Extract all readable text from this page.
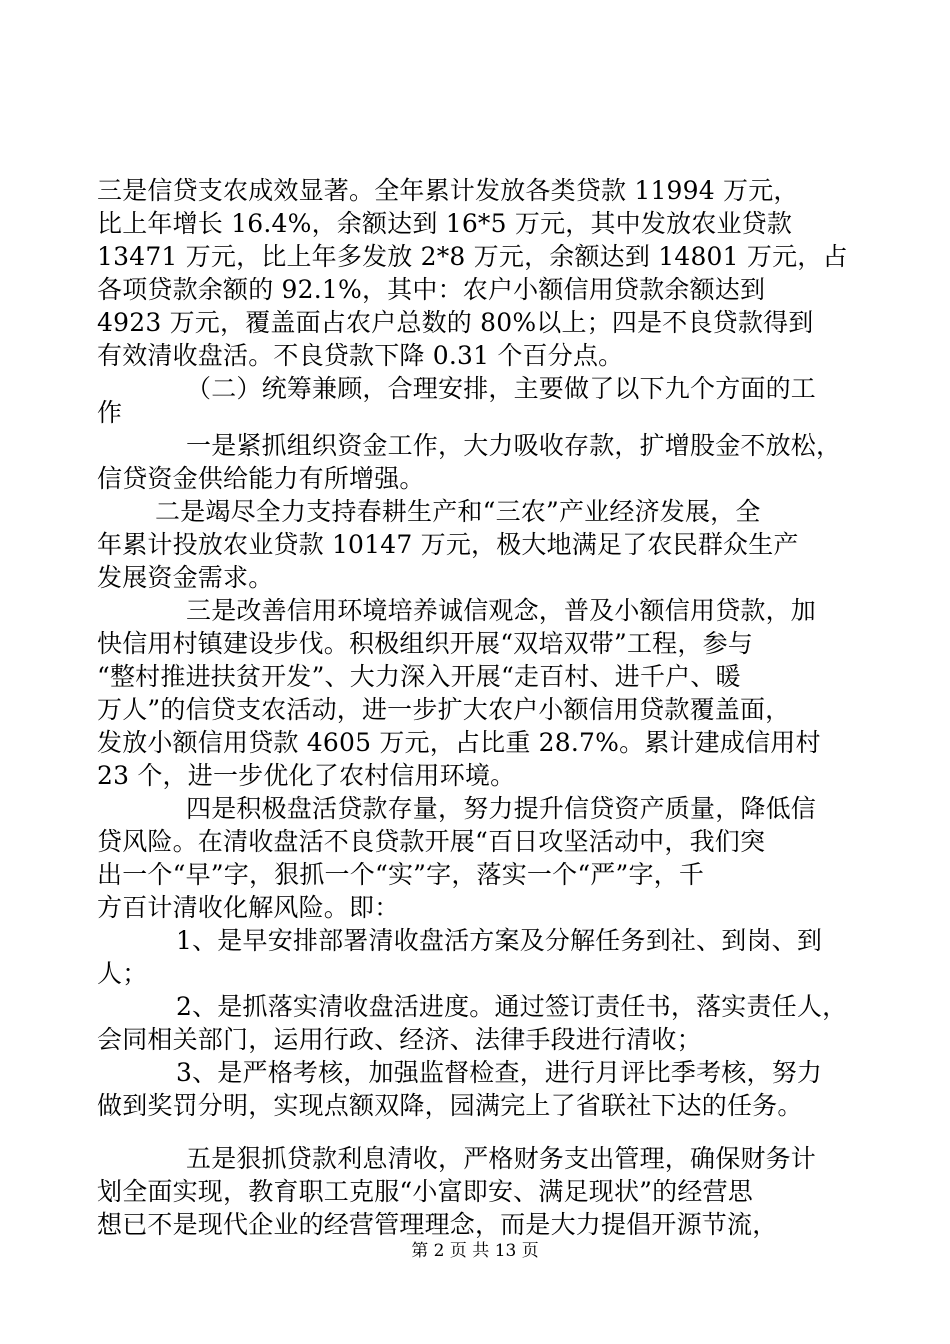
三是信贷支农成效显著。全年累计发放各类贷款 11994 万元，
比上年增长 16.4%，余额达到 16*5 万元，其中发放农业贷款
13471 万元，比上年多发放 2*8 万元，余额达到 14801 万元，占
各项贷款余额的 92.1%，其中：农户小额信用贷款余额达到
4923 万元，覆盖面占农户总数的 80%以上；四是不良贷款得到
有效清收盘活。不良贷款下降 0.31 个百分点。
（二）统筹兼顾，合理安排，主要做了以下九个方面的工
作
一是紧抓组织资金工作，大力吸收存款，扩增股金不放松，
信贷资金供给能力有所增强。
二是竭尽全力支持春耕生产和“三农”产业经济发展，全
年累计投放农业贷款 10147 万元，极大地满足了农民群众生产
发展资金需求。
三是改善信用环境培养诚信观念，普及小额信用贷款，加
快信用村镇建设步伐。积极组织开展“双培双带”工程，参与
“整村推进扶贫开发”、大力深入开展“走百村、进千户、暖
万人”的信贷支农活动，进一步扩大农户小额信用贷款覆盖面，
发放小额信用贷款 4605 万元，占比重 28.7%。累计建成信用村
23 个，进一步优化了农村信用环境。
四是积极盘活贷款存量，努力提升信贷资产质量，降低信
贷风险。在清收盘活不良贷款开展“百日攻坚活动中，我们突
出一个“早”字，狠抓一个“实”字，落实一个“严”字，千
方百计清收化解风险。即：
1、是早安排部署清收盘活方案及分解任务到社、到岗、到
人；
2、是抓落实清收盘活进度。通过签订责任书，落实责任人，
会同相关部门，运用行政、经济、法律手段进行清收；
3、是严格考核，加强监督检查，进行月评比季考核，努力
做到奖罚分明，实现点额双降，园满完上了省联社下达的任务。
五是狠抓贷款利息清收，严格财务支出管理，确保财务计
划全面实现，教育职工克服“小富即安、满足现状”的经营思
想已不是现代企业的经营管理理念，而是大力提倡开源节流，
第 2 页 共 13 页
